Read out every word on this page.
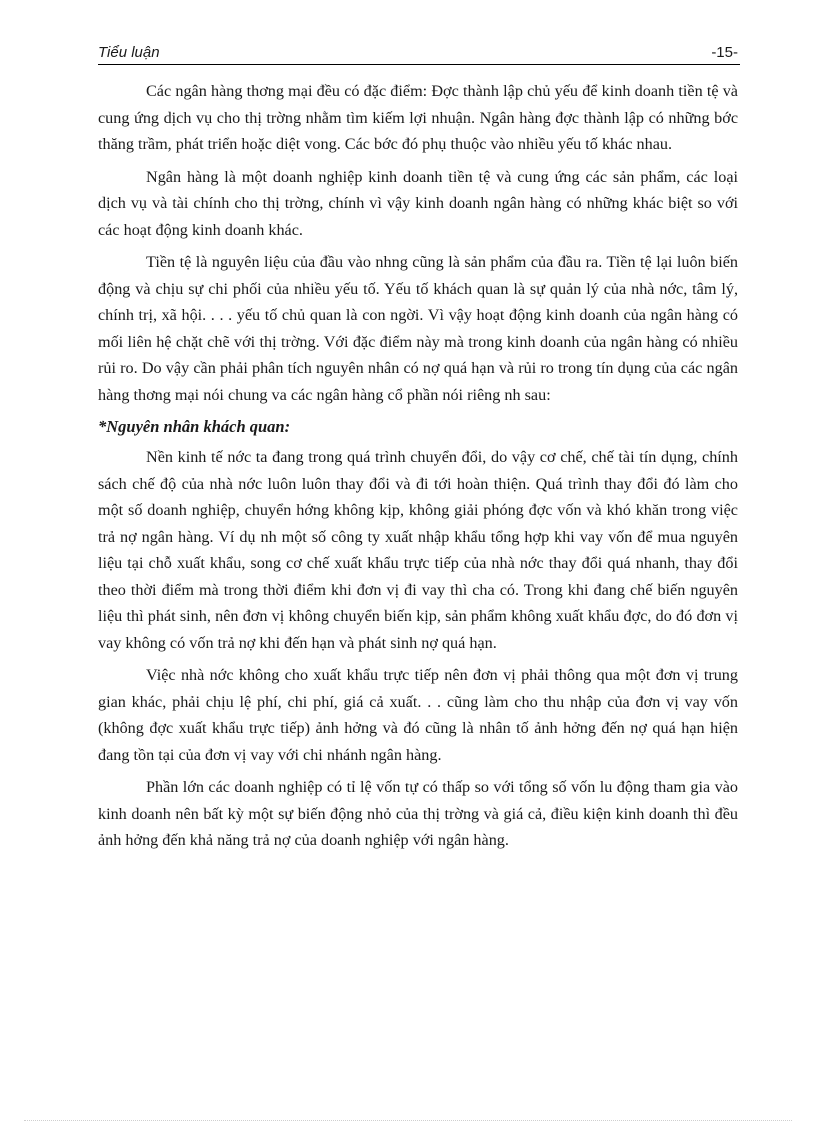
Tiểu luận	-15-

Các ngân hàng thơng mại đều có đặc điểm: Đợc thành lập chủ yếu để kinh doanh tiền tệ và cung ứng dịch vụ cho thị trờng nhằm tìm kiếm lợi nhuận. Ngân hàng đợc thành lập có những bớc thăng trầm, phát triển hoặc diệt vong. Các bớc đó phụ thuộc vào nhiều yếu tố khác nhau.

Ngân hàng là một doanh nghiệp kinh doanh tiền tệ và cung ứng các sản phẩm, các loại dịch vụ và tài chính cho thị trờng, chính vì vậy kinh doanh ngân hàng có những khác biệt so với các hoạt động kinh doanh khác.

Tiền tệ là nguyên liệu của đầu vào nhng cũng là sản phẩm của đầu ra. Tiền tệ lại luôn biến động và chịu sự chi phối của nhiều yếu tố. Yếu tố khách quan là sự quản lý của nhà nớc, tâm lý, chính trị, xã hội. . . . yếu tố chủ quan là con ngời. Vì vậy hoạt động kinh doanh của ngân hàng có mối liên hệ chặt chẽ với thị trờng. Với đặc điểm này mà trong kinh doanh của ngân hàng có nhiều rủi ro. Do vậy cần phải phân tích nguyên nhân có nợ quá hạn và rủi ro trong tín dụng của các ngân hàng thơng mại nói chung va các ngân hàng cổ phần nói riêng nh sau:

*Nguyên nhân khách quan:

Nền kinh tế nớc ta đang trong quá trình chuyển đổi, do vậy cơ chế, chế tài tín dụng, chính sách chế độ của nhà nớc luôn luôn thay đổi và đi tới hoàn thiện. Quá trình thay đổi đó làm cho một số doanh nghiệp, chuyển hớng không kịp, không giải phóng đợc vốn và khó khăn trong việc trả nợ ngân hàng. Ví dụ nh một số công ty xuất nhập khẩu tổng hợp khi vay vốn để mua nguyên liệu tại chỗ xuất khẩu, song cơ chế xuất khẩu trực tiếp của nhà nớc thay đổi quá nhanh, thay đổi theo thời điểm mà trong thời điểm khi đơn vị đi vay thì cha có. Trong khi đang chế biến nguyên liệu thì phát sinh, nên đơn vị không chuyển biến kịp, sản phẩm không xuất khẩu đợc, do đó đơn vị vay không có vốn trả nợ khi đến hạn và phát sinh nợ quá hạn.

Việc nhà nớc không cho xuất khẩu trực tiếp nên đơn vị phải thông qua một đơn vị trung gian khác, phải chịu lệ phí, chi phí, giá cả xuất. . . cũng làm cho thu nhập của đơn vị vay vốn (không đợc xuất khẩu trực tiếp) ảnh hởng và đó cũng là nhân tố ảnh hởng đến nợ quá hạn hiện đang tồn tại của đơn vị vay với chi nhánh ngân hàng.

Phần lớn các doanh nghiệp có tỉ lệ vốn tự có thấp so với tổng số vốn lu động tham gia vào kinh doanh nên bất kỳ một sự biến động nhỏ của thị trờng và giá cả, điều kiện kinh doanh thì đều ảnh hởng đến khả năng trả nợ của doanh nghiệp với ngân hàng.
